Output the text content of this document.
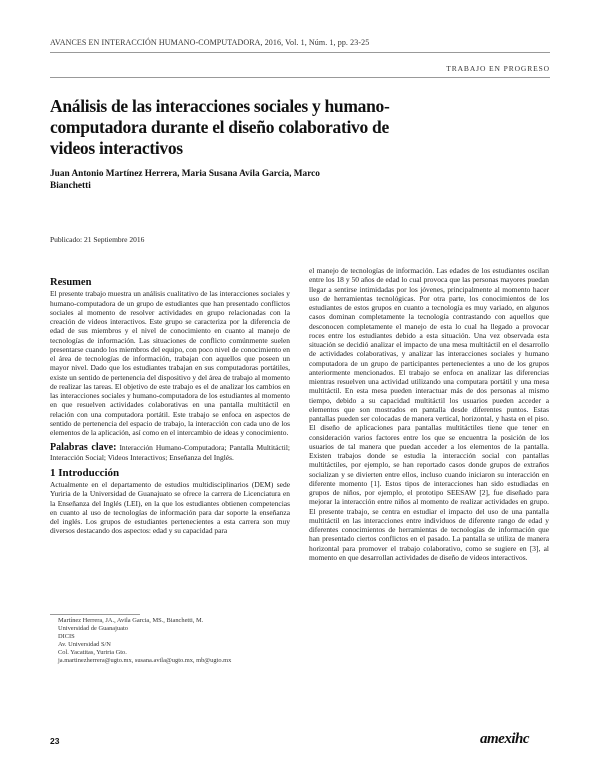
AVANCES EN INTERACCIÓN HUMANO-COMPUTADORA, 2016, Vol. 1, Núm. 1, pp. 23-25
TRABAJO EN PROGRESO
Análisis de las interacciones sociales y humano-computadora durante el diseño colaborativo de videos interactivos
Juan Antonio Martínez Herrera, Maria Susana Avila Garcia, Marco Bianchetti
Publicado: 21 Septiembre 2016
Resumen

El presente trabajo muestra un análisis cualitativo de las interacciones sociales y humano-computadora de un grupo de estudiantes que han presentado conflictos sociales al momento de resolver actividades en grupo relacionadas con la creación de videos interactivos. Este grupo se caracteriza por la diferencia de edad de sus miembros y el nivel de conocimiento en cuanto al manejo de tecnologías de información. Las situaciones de conflicto comúnmente suelen presentarse cuando los miembros del equipo, con poco nivel de conocimiento en el área de tecnologías de información, trabajan con aquellos que poseen un mayor nivel. Dado que los estudiantes trabajan en sus computadoras portátiles, existe un sentido de pertenencia del dispositivo y del área de trabajo al momento de realizar las tareas. El objetivo de este trabajo es el de analizar los cambios en las interacciones sociales y humano-computadora de los estudiantes al momento en que resuelven actividades colaborativas en una pantalla multitáctil en relación con una computadora portátil. Este trabajo se enfoca en aspectos de sentido de pertenencia del espacio de trabajo, la interacción con cada uno de los elementos de la aplicación, así como en el intercambio de ideas y conocimiento.

Palabras clave: Interacción Humano-Computadora; Pantalla Multitáctil; Interacción Social; Videos Interactivos; Enseñanza del Inglés.

1 Introducción

Actualmente en el departamento de estudios multidisciplinarios (DEM) sede Yuriria de la Universidad de Guanajuato se ofrece la carrera de Licenciatura en la Enseñanza del Inglés (LEI), en la que los estudiantes obtienen competencias en cuanto al uso de tecnologías de información para dar soporte la enseñanza del inglés. Los grupos de estudiantes pertenecientes a esta carrera son muy diversos destacando dos aspectos: edad y su capacidad para

el manejo de tecnologías de información. Las edades de los estudiantes oscilan entre los 18 y 50 años de edad lo cual provoca que las personas mayores puedan llegar a sentirse intimidadas por los jóvenes, principalmente al momento hacer uso de herramientas tecnológicas. Por otra parte, los conocimientos de los estudiantes de estos grupos en cuanto a tecnología es muy variado, en algunos casos dominan completamente la tecnología contrastando con aquellos que desconocen completamente el manejo de esta lo cual ha llegado a provocar roces entre los estudiantes debido a esta situación. Una vez observada esta situación se decidió analizar el impacto de una mesa multitáctil en el desarrollo de actividades colaborativas, y analizar las interacciones sociales y humano computadora de un grupo de participantes pertenecientes a uno de los grupos anteriormente mencionados. El trabajo se enfoca en analizar las diferencias mientras resuelven una actividad utilizando una computara portátil y una mesa multitáctil. En esta mesa pueden interactuar más de dos personas al mismo tiempo, debido a su capacidad multitáctil los usuarios pueden acceder a elementos que son mostrados en pantalla desde diferentes puntos. Estas pantallas pueden ser colocadas de manera vertical, horizontal, y hasta en el piso. El diseño de aplicaciones para pantallas multitáctiles tiene que tener en consideración varios factores entre los que se encuentra la posición de los usuarios de tal manera que puedan acceder a los elementos de la pantalla. Existen trabajos donde se estudia la interacción social con pantallas multitáctiles, por ejemplo, se han reportado casos donde grupos de extraños socializan y se divierten entre ellos, incluso cuando iniciaron su interacción en diferente momento [1]. Estos tipos de interacciones han sido estudiadas en grupos de niños, por ejemplo, el prototipo SEESAW [2], fue diseñado para mejorar la interacción entre niños al momento de realizar actividades en grupo. El presente trabajo, se centra en estudiar el impacto del uso de una pantalla multitáctil en las interacciones entre individuos de diferente rango de edad y diferentes conocimientos de herramientas de tecnologías de información que han presentado ciertos conflictos en el pasado. La pantalla se utiliza de manera horizontal para promover el trabajo colaborativo, como se sugiere en [3], al momento en que desarrollan actividades de diseño de videos interactivos.

Martínez Herrera, JA., Avila Garcia, MS., Bianchetti, M.
Universidad de Guanajuato
DICIS
Av. Universidad S/N
Col. Yacatitas, Yuriria Gto.
ja.martinezherrera@ugto.mx, susana.avila@ugto.mx, mb@ugto.mx
23	amexihc
